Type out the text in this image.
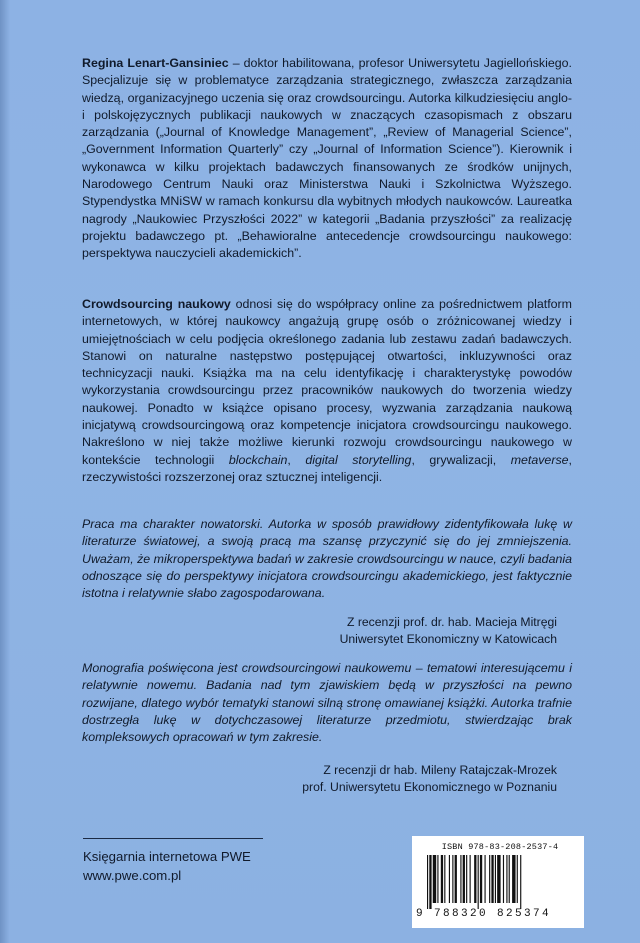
Regina Lenart-Gansiniec – doktor habilitowana, profesor Uniwersytetu Jagiellońskiego. Specjalizuje się w problematyce zarządzania strategicznego, zwłaszcza zarządzania wiedzą, organizacyjnego uczenia się oraz crowdsourcingu. Autorka kilkudziesięciu anglo- i polskojęzycznych publikacji naukowych w znaczących czasopismach z obszaru zarządzania („Journal of Knowledge Management”, „Review of Managerial Science”, „Government Information Quarterly” czy „Journal of Information Science”). Kierownik i wykonawca w kilku projektach badawczych finansowanych ze środków unijnych, Narodowego Centrum Nauki oraz Ministerstwa Nauki i Szkolnictwa Wyższego. Stypendystka MNiSW w ramach konkursu dla wybitnych młodych naukowców. Laureatka nagrody „Naukowiec Przyszłości 2022” w kategorii „Badania przyszłości” za realizację projektu badawczego pt. „Behawioralne antecedencje crowdsourcingu naukowego: perspektywa nauczycieli akademickich”.
Crowdsourcing naukowy odnosi się do współpracy online za pośrednictwem platform internetowych, w której naukowcy angażują grupę osób o zróżnicowanej wiedzy i umiejętnościach w celu podjęcia określonego zadania lub zestawu zadań badawczych. Stanowi on naturalne następstwo postępującej otwartości, inkluzywności oraz technicyzacji nauki. Książka ma na celu identyfikację i charakterystykę powodów wykorzystania crowdsourcingu przez pracowników naukowych do tworzenia wiedzy naukowej. Ponadto w książce opisano procesy, wyzwania zarządzania naukową inicjatywą crowdsourcingową oraz kompetencje inicjatora crowdsourcingu naukowego. Nakreślono w niej także możliwe kierunki rozwoju crowdsourcingu naukowego w kontekście technologii blockchain, digital storytelling, grywalizacji, metaverse, rzeczywistości rozszerzonej oraz sztucznej inteligencji.
Praca ma charakter nowatorski. Autorka w sposób prawidłowy zidentyfikowała lukę w literaturze światowej, a swoją pracą ma szansę przyczynić się do jej zmniejszenia. Uważam, że mikroperspektywa badań w zakresie crowdsourcingu w nauce, czyli badania odnoszące się do perspektywy inicjatora crowdsourcingu akademickiego, jest faktycznie istotna i relatywnie słabo zagospodarowana.
Z recenzji prof. dr. hab. Macieja Mitręgi
Uniwersytet Ekonomiczny w Katowicach
Monografia poświęcona jest crowdsourcingowi naukowemu – tematowi interesującemu i relatywnie nowemu. Badania nad tym zjawiskiem będą w przyszłości na pewno rozwijane, dlatego wybór tematyki stanowi silną stronę omawianej książki. Autorka trafnie dostrzegła lukę w dotychczasowej literaturze przedmiotu, stwierdzając brak kompleksowych opracowań w tym zakresie.
Z recenzji dr hab. Mileny Ratajczak-Mrozek
prof. Uniwersytetu Ekonomicznego w Poznaniu
Księgarnia internetowa PWE
www.pwe.com.pl
ISBN 978-83-208-2537-4
9 788320 825374
